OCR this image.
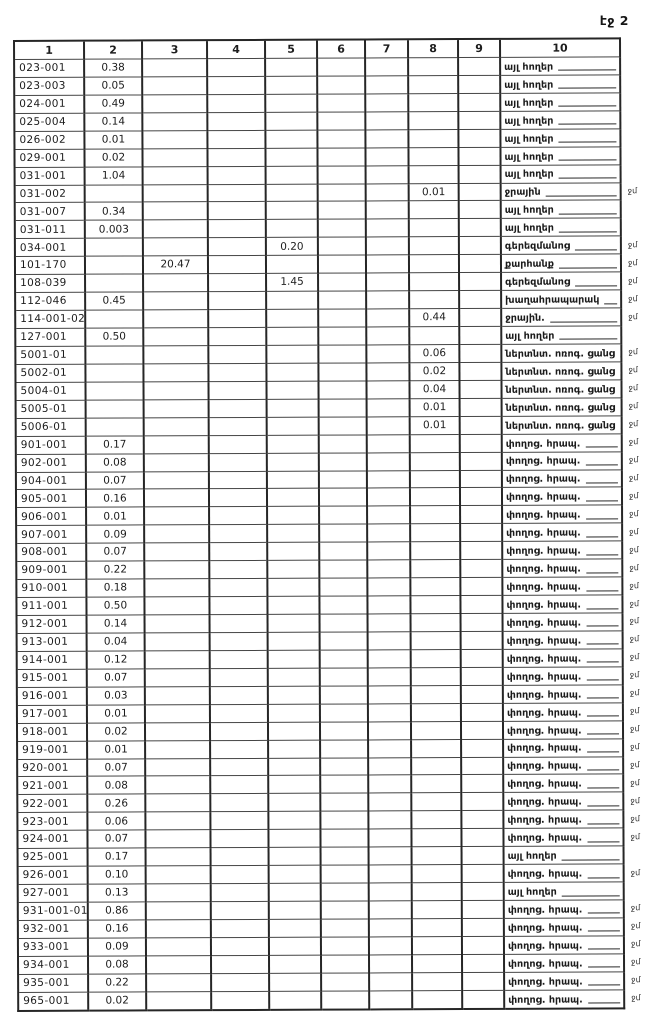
էջ 2
1	2	3	4	5	6	7	8	9	10	
023-001	0.38								այլ հողեր	

023-003	0.05								այլ հողեր	

024-001	0.49								այլ հողեր	

025-004	0.14								այլ հողեր	

026-002	0.01								այլ հողեր	

029-001	0.02								այլ հողեր	

031-001	1.04								այլ հողեր	

031-002							0.01		ջրային	ջմ
031-007	0.34								այլ հողեր	

031-011	0.003								այլ հողեր	

034-001				0.20					գերեզմանոց	ջմ
101-170		20.47							քարհանք	ջմ
108-039				1.45					գերեզմանոց	ջմ
112-046	0.45								խաղահրապարակ	ջմ
114-001-02							0.44		ջրային.	ջմ
127-001	0.50								այլ հողեր	

5001-01							0.06		ներտնտ. ոռոգ. ցանց	ջմ
5002-01							0.02		ներտնտ. ոռոգ. ցանց	ջմ
5004-01							0.04		ներտնտ. ոռոգ. ցանց	ջմ
5005-01							0.01		ներտնտ. ոռոգ. ցանց	ջմ
5006-01							0.01		ներտնտ. ոռոգ. ցանց	ջմ
901-001	0.17								փողոց. հրապ.	ջմ
902-001	0.08								փողոց. հրապ.	ջմ
904-001	0.07								փողոց. հրապ.	ջմ
905-001	0.16								փողոց. հրապ.	ջմ
906-001	0.01								փողոց. հրապ.	ջմ
907-001	0.09								փողոց. հրապ.	ջմ
908-001	0.07								փողոց. հրապ.	ջմ
909-001	0.22								փողոց. հրապ.	ջմ
910-001	0.18								փողոց. հրապ.	ջմ
911-001	0.50								փողոց. հրապ.	ջմ
912-001	0.14								փողոց. հրապ.	ջմ
913-001	0.04								փողոց. հրապ.	ջմ
914-001	0.12								փողոց. հրապ.	ջմ
915-001	0.07								փողոց. հրապ.	ջմ
916-001	0.03								փողոց. հրապ.	ջմ
917-001	0.01								փողոց. հրապ.	ջմ
918-001	0.02								փողոց. հրապ.	ջմ
919-001	0.01								փողոց. հրապ.	ջմ
920-001	0.07								փողոց. հրապ.	ջմ
921-001	0.08								փողոց. հրապ.	ջմ
922-001	0.26								փողոց. հրապ.	ջմ
923-001	0.06								փողոց. հրապ.	ջմ
924-001	0.07								փողոց. հրապ.	ջմ
925-001	0.17								այլ հողեր	

926-001	0.10								փողոց. հրապ.	ջմ
927-001	0.13								այլ հողեր	

931-001-01	0.86								փողոց. հրապ.	ջմ
932-001	0.16								փողոց. հրապ.	ջմ
933-001	0.09								փողոց. հրապ.	ջմ
934-001	0.08								փողոց. հրապ.	ջմ
935-001	0.22								փողոց. հրապ.	ջմ
965-001	0.02								փողոց. հրապ.	ջմ
